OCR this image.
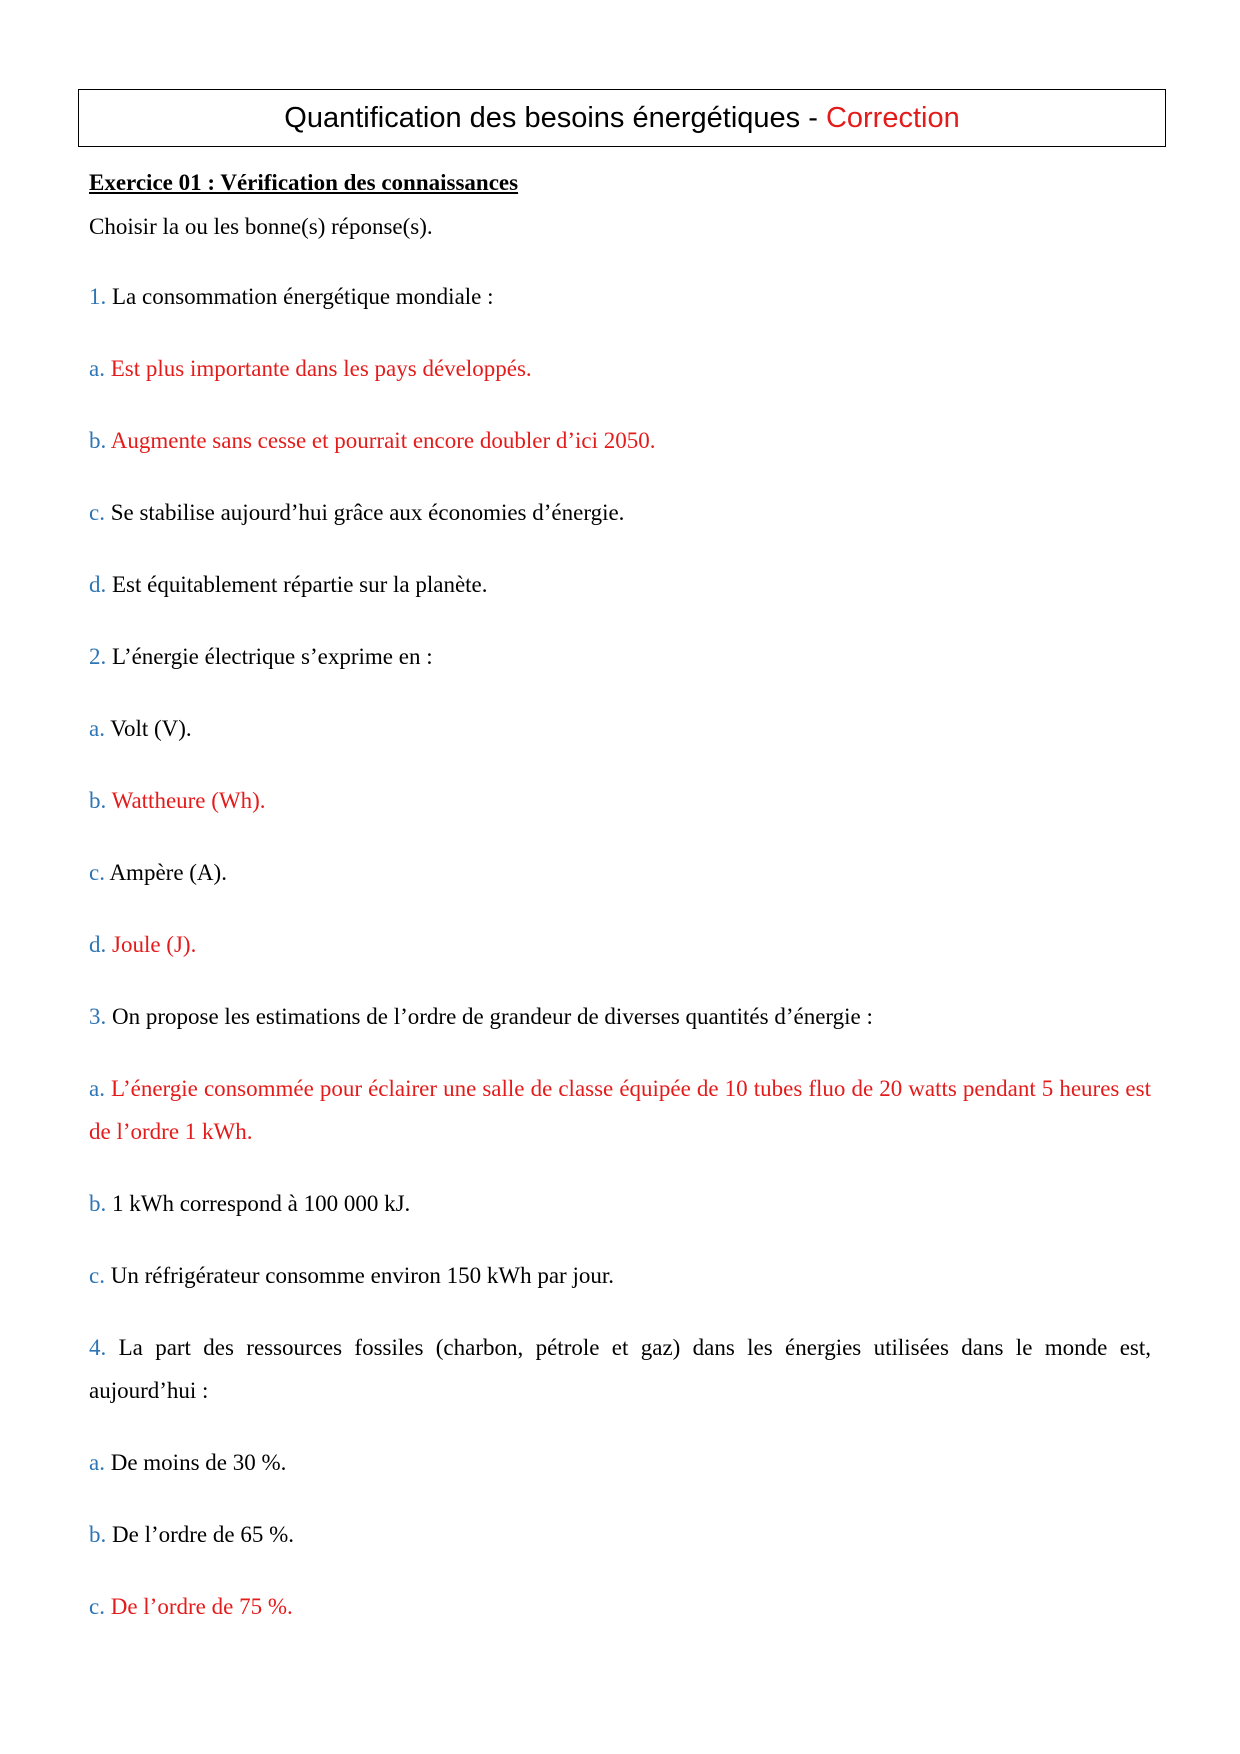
Quantification des besoins énergétiques - Correction
Exercice 01 : Vérification des connaissances
Choisir la ou les bonne(s) réponse(s).
1. La consommation énergétique mondiale :
a. Est plus importante dans les pays développés.
b. Augmente sans cesse et pourrait encore doubler d’ici 2050.
c. Se stabilise aujourd’hui grâce aux économies d’énergie.
d. Est équitablement répartie sur la planète.
2. L’énergie électrique s’exprime en :
a. Volt (V).
b. Wattheure (Wh).
c. Ampère (A).
d. Joule (J).
3. On propose les estimations de l’ordre de grandeur de diverses quantités d’énergie :
a. L’énergie consommée pour éclairer une salle de classe équipée de 10 tubes fluo de 20 watts pendant 5 heures est de l’ordre 1 kWh.
b. 1 kWh correspond à 100 000 kJ.
c. Un réfrigérateur consomme environ 150 kWh par jour.
4. La part des ressources fossiles (charbon, pétrole et gaz) dans les énergies utilisées dans le monde est, aujourd’hui :
a. De moins de 30 %.
b. De l’ordre de 65 %.
c. De l’ordre de 75 %.
